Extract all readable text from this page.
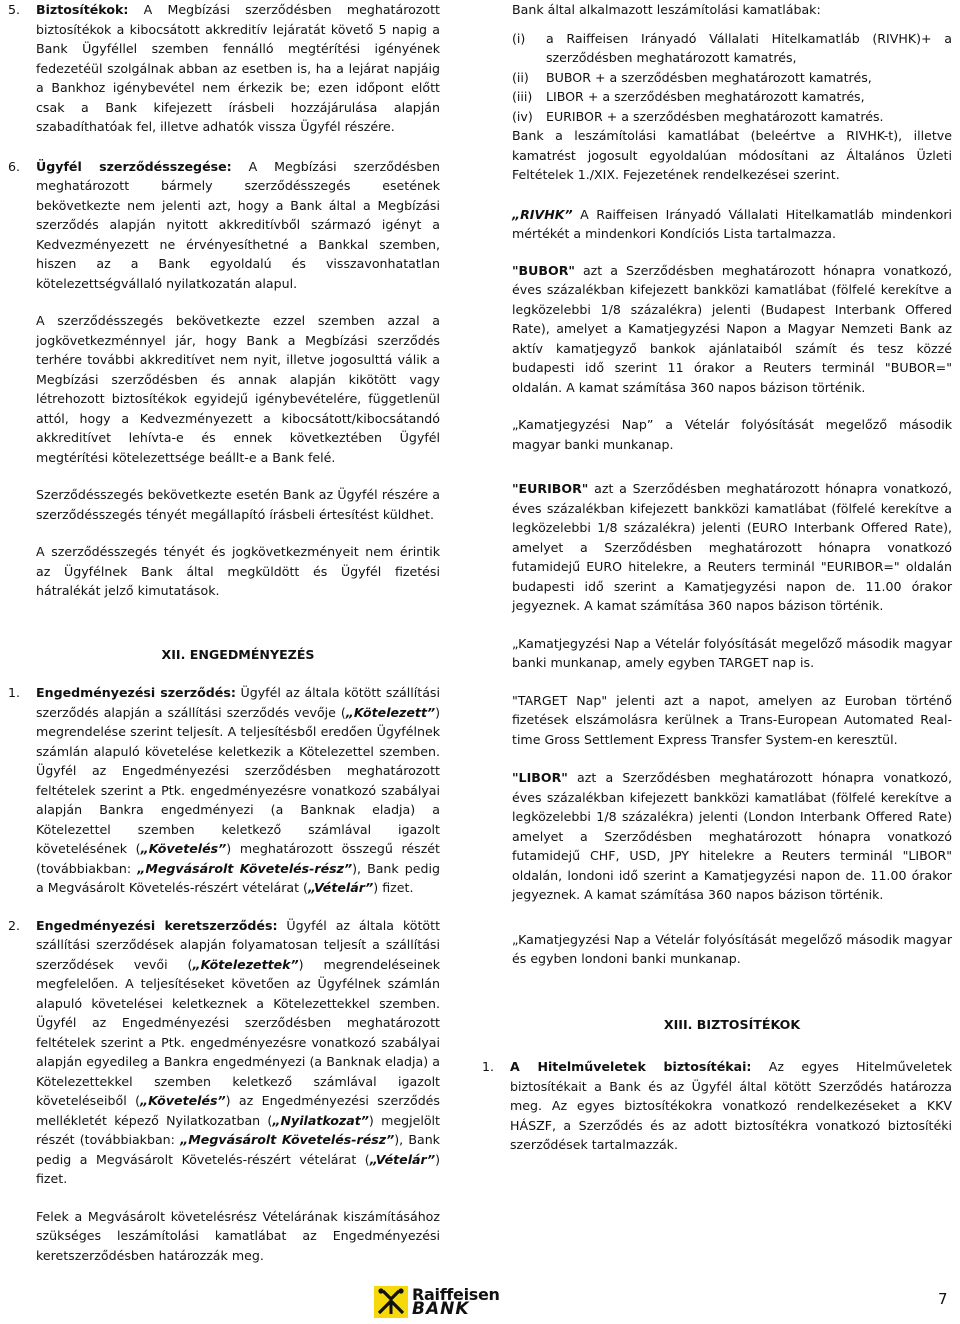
5. Biztosítékok: A Megbízási szerződésben meghatározott biztosítékok a kibocsátott akkreditív lejáratát követő 5 napig a Bank Ügyféllel szemben fennálló megtérítési igényének fedezetéül szolgálnak abban az esetben is, ha a lejárat napjáig a Bankhoz igénybevétel nem érkezik be; ezen időpont előtt csak a Bank kifejezett írásbeli hozzájárulása alapján szabadíthatóak fel, illetve adhatók vissza Ügyfél részére.

6. Ügyfél szerződésszegése: A Megbízási szerződésben meghatározott bármely szerződésszegés esetének bekövetkezte nem jelenti azt, hogy a Bank által a Megbízási szerződés alapján nyitott akkreditívből származó igényt a Kedvezményezett ne érvényesíthetné a Bankkal szemben, hiszen az a Bank egyoldalú és visszavonhatatlan kötelezettségvállaló nyilatkozatán alapul.

A szerződésszegés bekövetkezte ezzel szemben azzal a jogkövetkezménnyel jár, hogy Bank a Megbízási szerződés terhére további akkreditívet nem nyit, illetve jogosulttá válik a Megbízási szerződésben és annak alapján kikötött vagy létrehozott biztosítékok egyidejű igénybevételére, függetlenül attól, hogy a Kedvezményezett a kibocsátott/kibocsátandó akkreditívet lehívta-e és ennek következtében Ügyfél megtérítési kötelezettsége beállt-e a Bank felé.

Szerződésszegés bekövetkezte esetén Bank az Ügyfél részére a szerződésszegés tényét megállapító írásbeli értesítést küldhet.

A szerződésszegés tényét és jogkövetkezményeit nem érintik az Ügyfélnek Bank által megküldött és Ügyfél fizetési hátralékát jelző kimutatások.

XII. ENGEDMÉNYEZÉS

1. Engedményezési szerződés: Ügyfél az általa kötött szállítási szerződés alapján a szállítási szerződés vevője („Kötelezett”) megrendelése szerint teljesít. A teljesítésből eredően Ügyfélnek számlán alapuló követelése keletkezik a Kötelezettel szemben. Ügyfél az Engedményezési szerződésben meghatározott feltételek szerint a Ptk. engedményezésre vonatkozó szabályai alapján Bankra engedményezi (a Banknak eladja) a Kötelezettel szemben keletkező számlával igazolt követelésének („Követelés”) meghatározott összegű részét (továbbiakban: „Megvásárolt Követelés-rész”), Bank pedig a Megvásárolt Követelés-részért vételárat („Vételár”) fizet.

2. Engedményezési keretszerződés: Ügyfél az általa kötött szállítási szerződések alapján folyamatosan teljesít a szállítási szerződések vevői („Kötelezettek”) megrendeléseinek megfelelően. A teljesítéseket követően az Ügyfélnek számlán alapuló követelései keletkeznek a Kötelezettekkel szemben. Ügyfél az Engedményezési szerződésben meghatározott feltételek szerint a Ptk. engedményezésre vonatkozó szabályai alapján egyedileg a Bankra engedményezi (a Banknak eladja) a Kötelezettekkel szemben keletkező számlával igazolt követeléseiből („Követelés”) az Engedményezési szerződés mellékletét képező Nyilatkozatban („Nyilatkozat”) megjelölt részét (továbbiakban: „Megvásárolt Követelés-rész”), Bank pedig a Megvásárolt Követelés-részért vételárat („Vételár”) fizet.

Felek a Megvásárolt követelésrész Vételárának kiszámításához szükséges leszámítolási kamatlábat az Engedményezési keretszerződésben határozzák meg.

Bank által alkalmazott leszámítolási kamatlábak:

(i)	a Raiffeisen Irányadó Vállalati Hitelkamatláb (RIVHK)+ a szerződésben meghatározott kamatrés,
(ii)	BUBOR + a szerződésben meghatározott kamatrés,
(iii)	LIBOR + a szerződésben meghatározott kamatrés,
(iv)	EURIBOR + a szerződésben meghatározott kamatrés.

Bank a leszámítolási kamatlábat (beleértve a RIVHK-t), illetve kamatrést jogosult egyoldalúan módosítani az Általános Üzleti Feltételek 1./XIX. Fejezetének rendelkezései szerint.

„RIVHK” A Raiffeisen Irányadó Vállalati Hitelkamatláb mindenkori mértékét a mindenkori Kondíciós Lista tartalmazza.

"BUBOR" azt a Szerződésben meghatározott hónapra vonatkozó, éves százalékban kifejezett bankközi kamatlábat (fölfelé kerekítve a legközelebbi 1/8 százalékra) jelenti (Budapest Interbank Offered Rate), amelyet a Kamatjegyzési Napon a Magyar Nemzeti Bank az aktív kamatjegyző bankok ajánlataiból számít és tesz közzé budapesti idő szerint 11 órakor a Reuters terminál "BUBOR=" oldalán. A kamat számítása 360 napos bázison történik.

„Kamatjegyzési Nap” a Vételár folyósítását megelőző második magyar banki munkanap.

"EURIBOR" azt a Szerződésben meghatározott hónapra vonatkozó, éves százalékban kifejezett bankközi kamatlábat (fölfelé kerekítve a legközelebbi 1/8 százalékra) jelenti (EURO Interbank Offered Rate), amelyet a Szerződésben meghatározott hónapra vonatkozó futamidejű EURO hitelekre, a Reuters terminál "EURIBOR=" oldalán budapesti idő szerint a Kamatjegyzési napon de. 11.00 órakor jegyeznek. A kamat számítása 360 napos bázison történik.

„Kamatjegyzési Nap a Vételár folyósítását megelőző második magyar banki munkanap, amely egyben TARGET nap is.

"TARGET Nap" jelenti azt a napot, amelyen az Euroban történő fizetések elszámolásra kerülnek a Trans-European Automated Real-time Gross Settlement Express Transfer System-en keresztül.

"LIBOR" azt a Szerződésben meghatározott hónapra vonatkozó, éves százalékban kifejezett bankközi kamatlábat (fölfelé kerekítve a legközelebbi 1/8 százalékra) jelenti (London Interbank Offered Rate) amelyet a Szerződésben meghatározott hónapra vonatkozó futamidejű CHF, USD, JPY hitelekre a Reuters terminál "LIBOR" oldalán, londoni idő szerint a Kamatjegyzési napon de. 11.00 órakor jegyeznek. A kamat számítása 360 napos bázison történik.

„Kamatjegyzési Nap a Vételár folyósítását megelőző második magyar és egyben londoni banki munkanap.

XIII. BIZTOSÍTÉKOK

1. A Hitelműveletek biztosítékai: Az egyes Hitelműveletek biztosítékait a Bank és az Ügyfél által kötött Szerződés határozza meg. Az egyes biztosítékokra vonatkozó rendelkezéseket a KKV HÁSZF, a Szerződés és az adott biztosítékra vonatkozó biztosítéki szerződések tartalmazzák.

Raiffeisen
BANK	7
